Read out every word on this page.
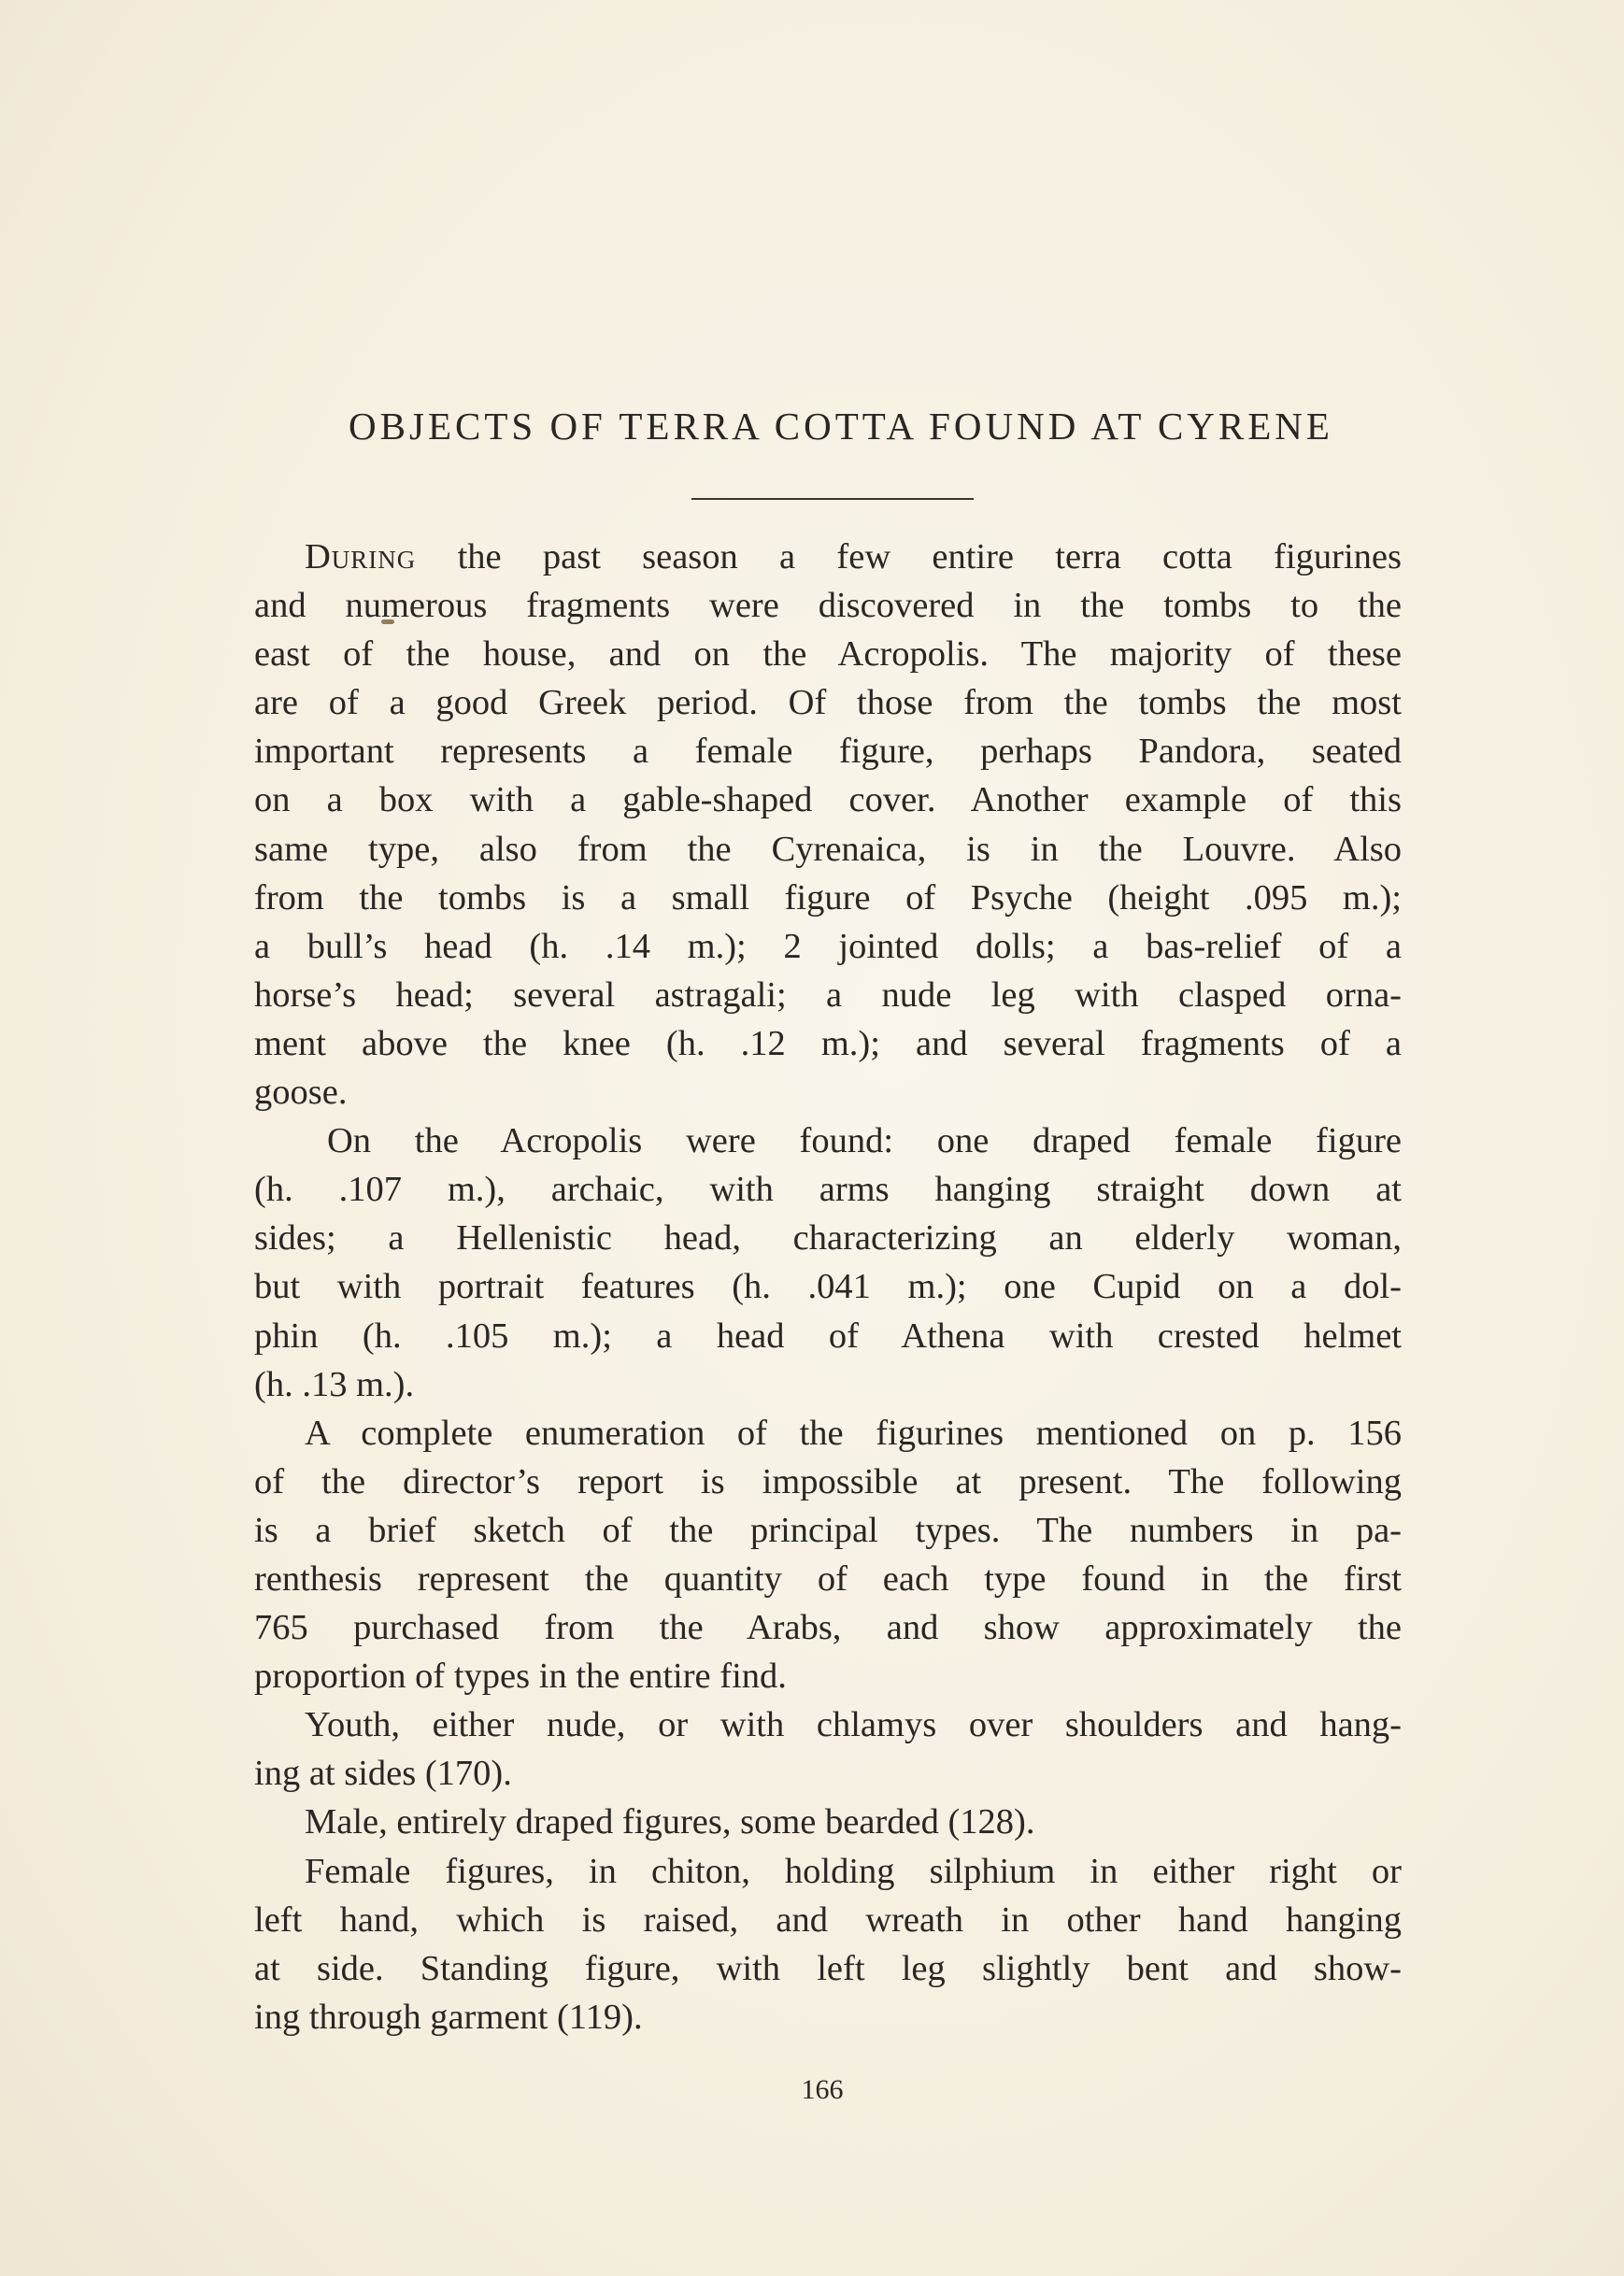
OBJECTS OF TERRA COTTA FOUND AT CYRENE
During the past season a few entire terra cotta figurines
and numerous fragments were discovered in the tombs to the
east of the house, and on the Acropolis. The majority of these
are of a good Greek period. Of those from the tombs the most
important represents a female figure, perhaps Pandora, seated
on a box with a gable-shaped cover. Another example of this
same type, also from the Cyrenaica, is in the Louvre. Also
from the tombs is a small figure of Psyche (height .095 m.);
a bull’s head (h. .14 m.); 2 jointed dolls; a bas-relief of a
horse’s head; several astragali; a nude leg with clasped orna-
ment above the knee (h. .12 m.); and several fragments of a
goose.
On the Acropolis were found: one draped female figure
(h. .107 m.), archaic, with arms hanging straight down at
sides; a Hellenistic head, characterizing an elderly woman,
but with portrait features (h. .041 m.); one Cupid on a dol-
phin (h. .105 m.); a head of Athena with crested helmet
(h. .13 m.).
A complete enumeration of the figurines mentioned on p. 156
of the director’s report is impossible at present. The following
is a brief sketch of the principal types. The numbers in pa-
renthesis represent the quantity of each type found in the first
765 purchased from the Arabs, and show approximately the
proportion of types in the entire find.
Youth, either nude, or with chlamys over shoulders and hang-
ing at sides (170).
Male, entirely draped figures, some bearded (128).
Female figures, in chiton, holding silphium in either right or
left hand, which is raised, and wreath in other hand hanging
at side. Standing figure, with left leg slightly bent and show-
ing through garment (119).

166
